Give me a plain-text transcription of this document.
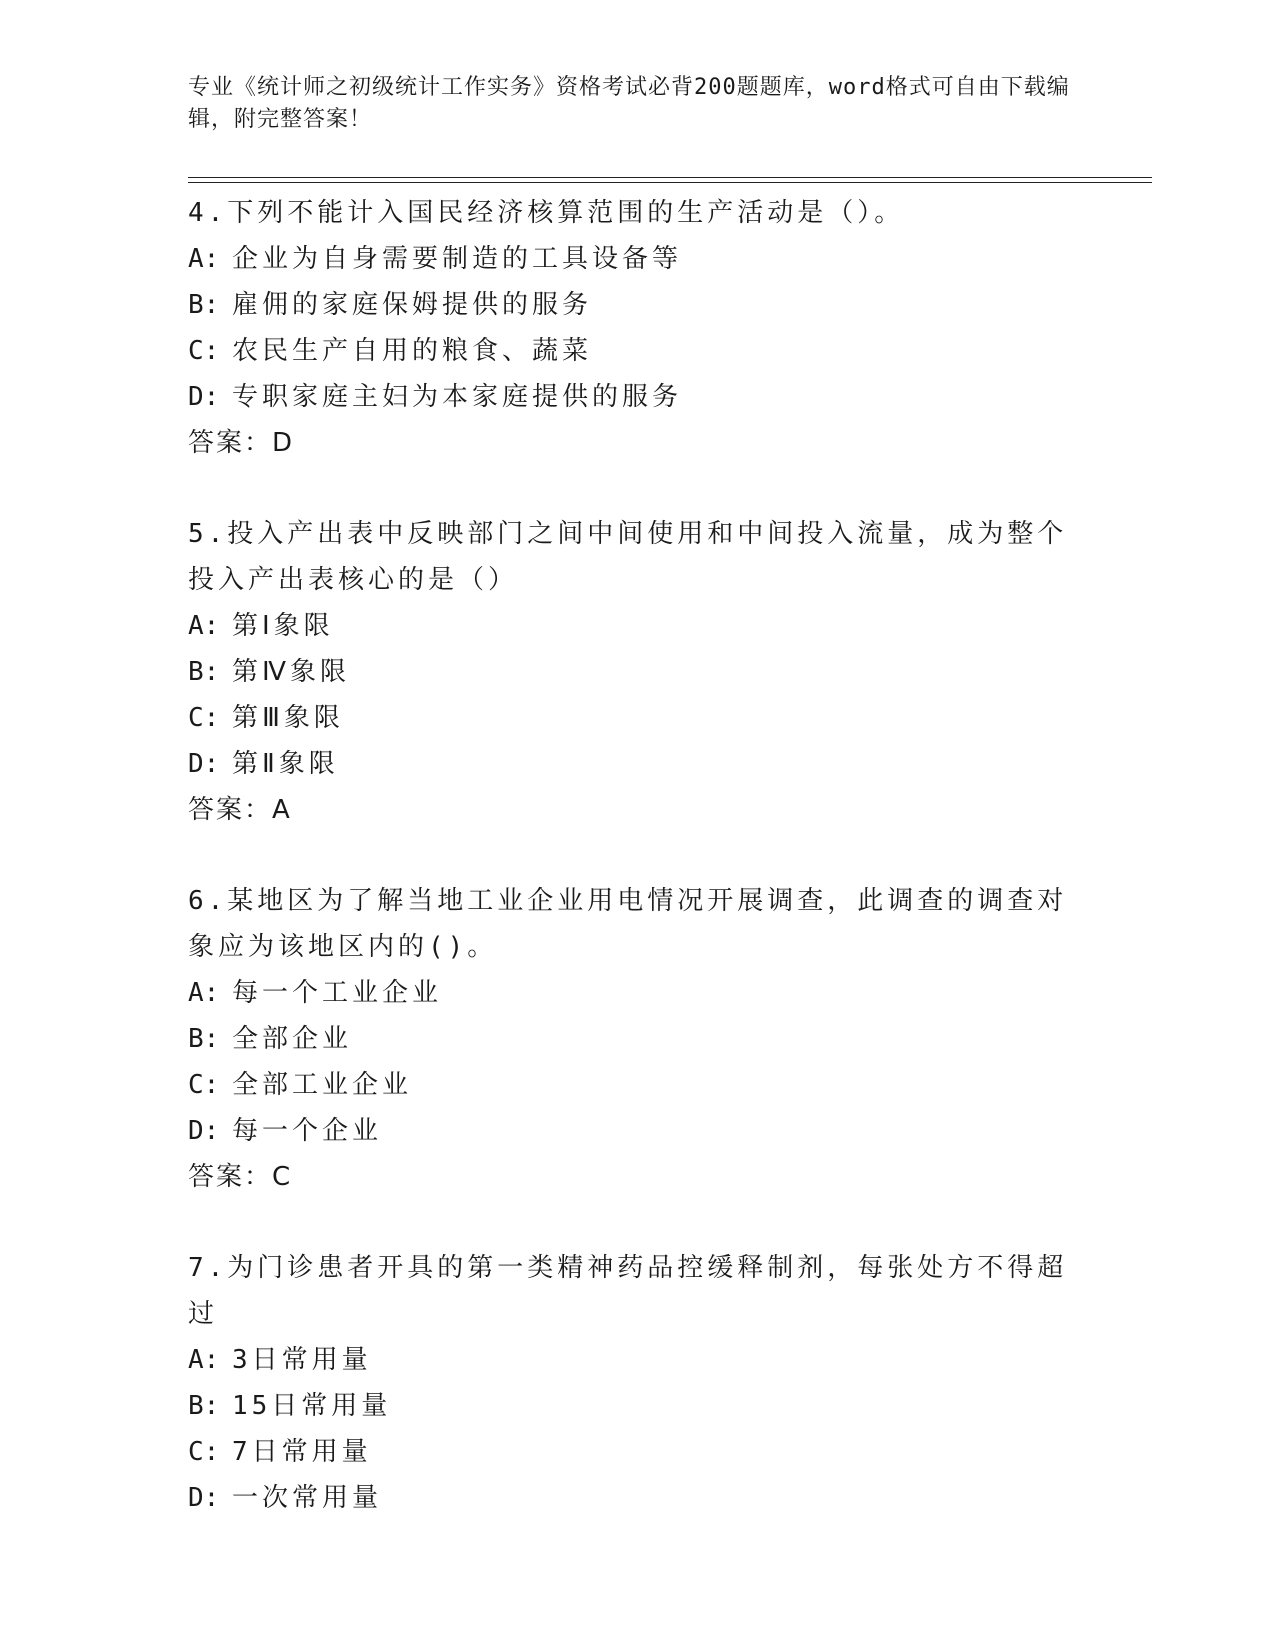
专业《统计师之初级统计工作实务》资格考试必背200题题库，word格式可自由下载编辑，附完整答案！
4.下列不能计入国民经济核算范围的生产活动是（）。
A: 企业为自身需要制造的工具设备等
B: 雇佣的家庭保姆提供的服务
C: 农民生产自用的粮食、蔬菜
D: 专职家庭主妇为本家庭提供的服务
答案：D
5.投入产出表中反映部门之间中间使用和中间投入流量，成为整个投入产出表核心的是（）
A: 第Ⅰ象限
B: 第Ⅳ象限
C: 第Ⅲ象限
D: 第Ⅱ象限
答案：A
6.某地区为了解当地工业企业用电情况开展调查，此调查的调查对象应为该地区内的()。
A: 每一个工业企业
B: 全部企业
C: 全部工业企业
D: 每一个企业
答案：C
7.为门诊患者开具的第一类精神药品控缓释制剂，每张处方不得超过
A: 3日常用量
B: 15日常用量
C: 7日常用量
D: 一次常用量
